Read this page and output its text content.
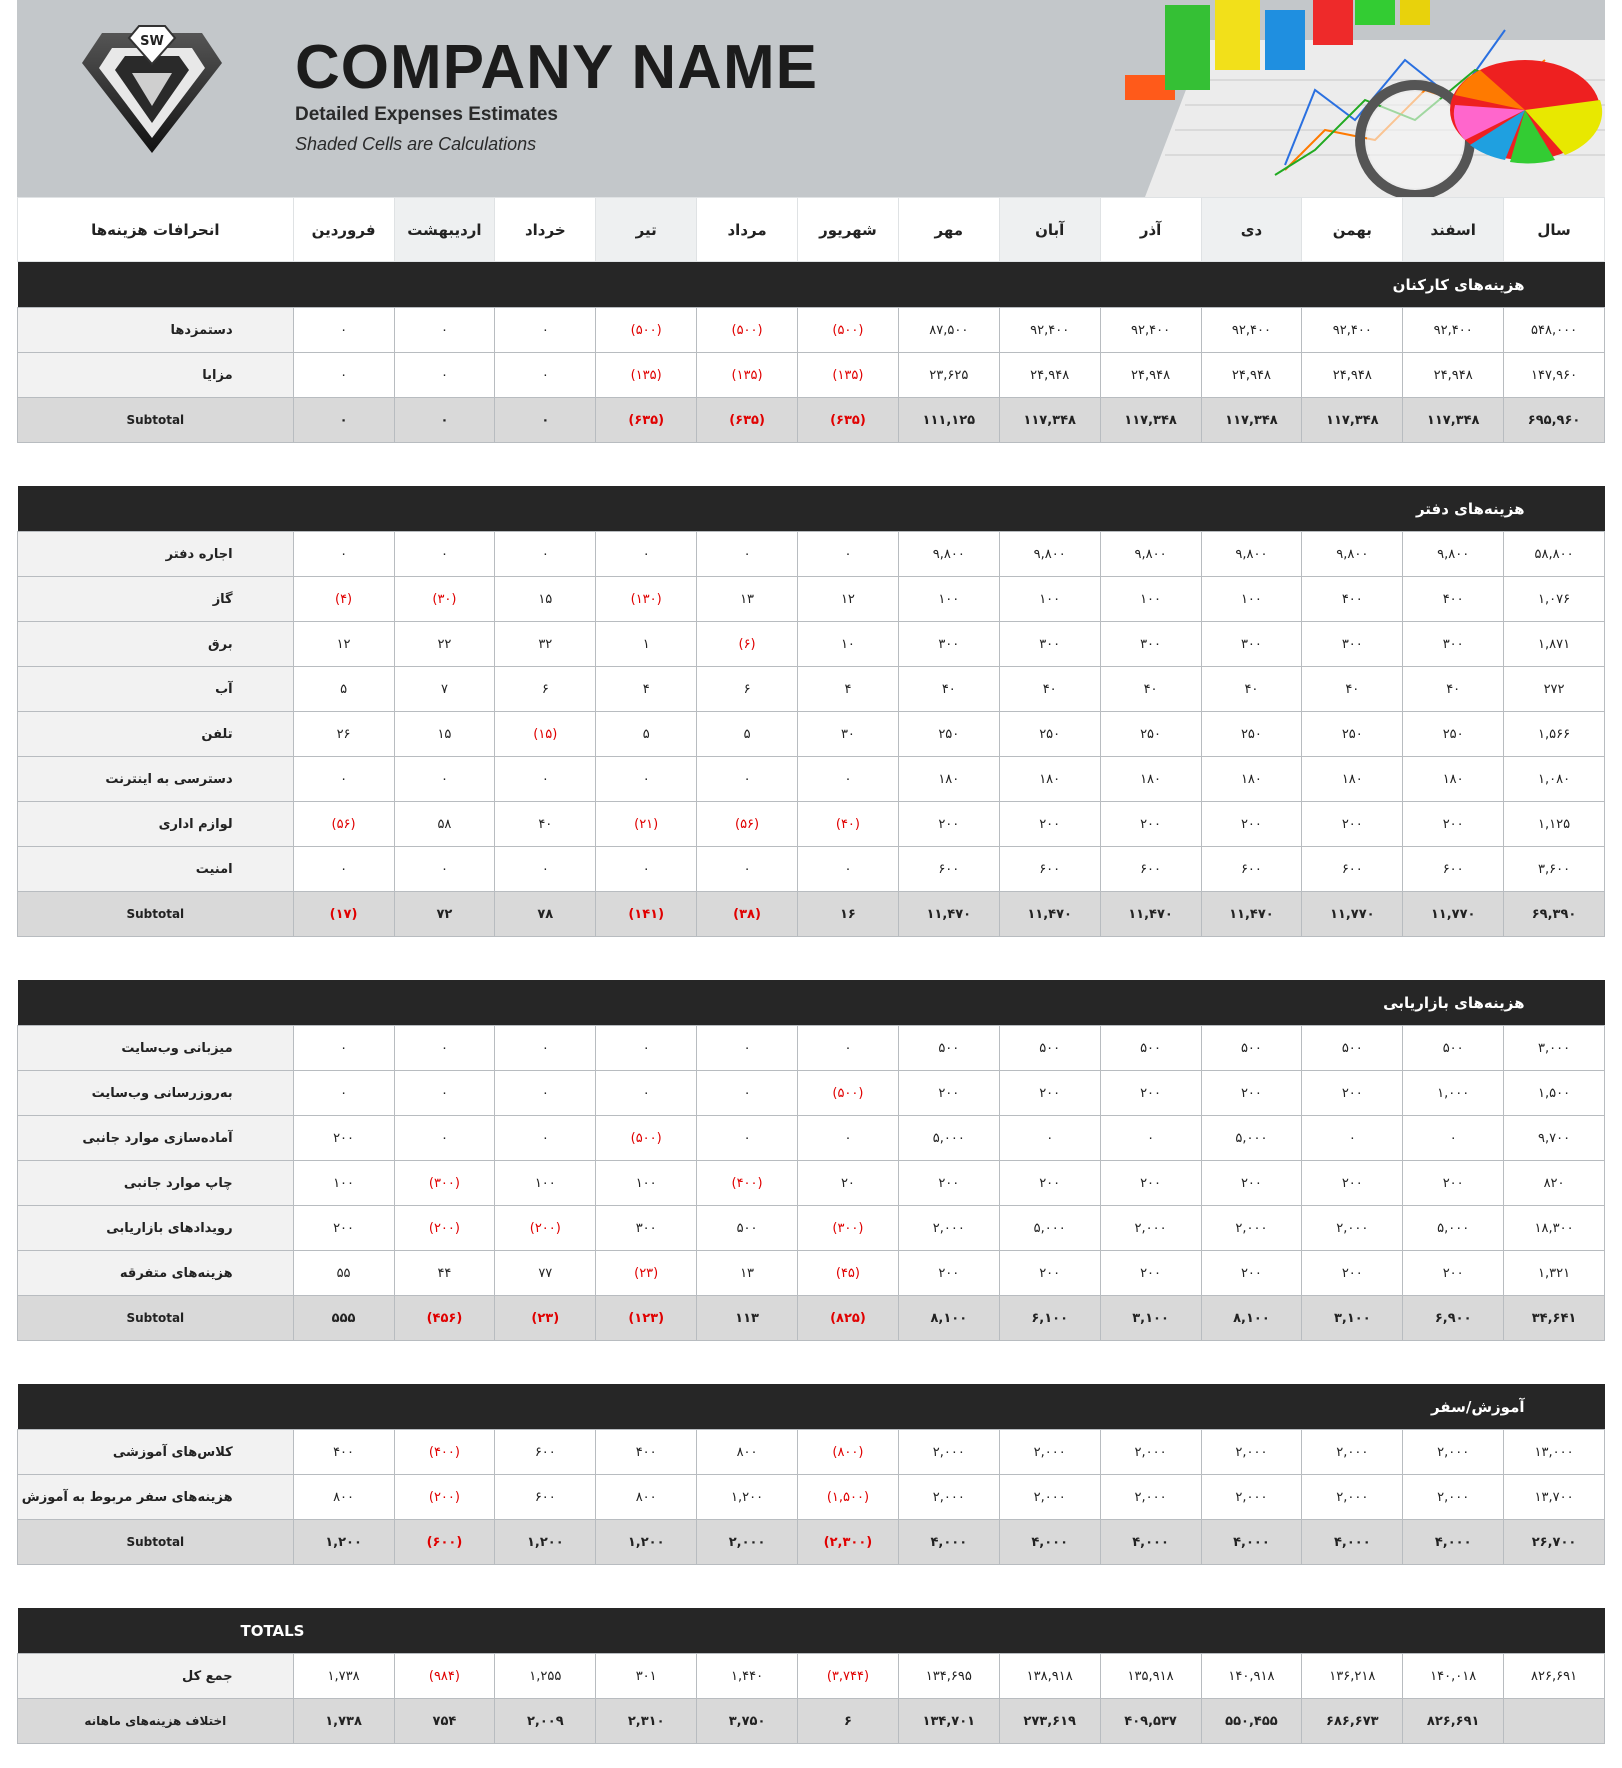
SW COMPANY NAME
Detailed Expenses Estimates
Shaded Cells are Calculations
سال	اسفند	بهمن	دی	آذر	آبان	مهر	شهریور	مرداد	تیر	خرداد	اردیبهشت	فروردین	انحرافات هزینه‌ها
هزینه‌های کارکنان													
۵۴۸,۰۰۰	۹۲,۴۰۰	۹۲,۴۰۰	۹۲,۴۰۰	۹۲,۴۰۰	۹۲,۴۰۰	۸۷,۵۰۰	(۵۰۰)	(۵۰۰)	(۵۰۰)	۰	۰	۰	دستمزدها
۱۴۷,۹۶۰	۲۴,۹۴۸	۲۴,۹۴۸	۲۴,۹۴۸	۲۴,۹۴۸	۲۴,۹۴۸	۲۳,۶۲۵	(۱۳۵)	(۱۳۵)	(۱۳۵)	۰	۰	۰	مزایا
۶۹۵,۹۶۰	۱۱۷,۳۴۸	۱۱۷,۳۴۸	۱۱۷,۳۴۸	۱۱۷,۳۴۸	۱۱۷,۳۴۸	۱۱۱,۱۲۵	(۶۳۵)	(۶۳۵)	(۶۳۵)	۰	۰	۰	Subtotal

هزینه‌های دفتر													
۵۸,۸۰۰	۹,۸۰۰	۹,۸۰۰	۹,۸۰۰	۹,۸۰۰	۹,۸۰۰	۹,۸۰۰	۰	۰	۰	۰	۰	۰	اجاره دفتر
۱,۰۷۶	۴۰۰	۴۰۰	۱۰۰	۱۰۰	۱۰۰	۱۰۰	۱۲	۱۳	(۱۳۰)	۱۵	(۳۰)	(۴)	گاز
۱,۸۷۱	۳۰۰	۳۰۰	۳۰۰	۳۰۰	۳۰۰	۳۰۰	۱۰	(۶)	۱	۳۲	۲۲	۱۲	برق
۲۷۲	۴۰	۴۰	۴۰	۴۰	۴۰	۴۰	۴	۶	۴	۶	۷	۵	آب
۱,۵۶۶	۲۵۰	۲۵۰	۲۵۰	۲۵۰	۲۵۰	۲۵۰	۳۰	۵	۵	(۱۵)	۱۵	۲۶	تلفن
۱,۰۸۰	۱۸۰	۱۸۰	۱۸۰	۱۸۰	۱۸۰	۱۸۰	۰	۰	۰	۰	۰	۰	دسترسی به اینترنت
۱,۱۲۵	۲۰۰	۲۰۰	۲۰۰	۲۰۰	۲۰۰	۲۰۰	(۴۰)	(۵۶)	(۲۱)	۴۰	۵۸	(۵۶)	لوازم اداری
۳,۶۰۰	۶۰۰	۶۰۰	۶۰۰	۶۰۰	۶۰۰	۶۰۰	۰	۰	۰	۰	۰	۰	امنیت
۶۹,۳۹۰	۱۱,۷۷۰	۱۱,۷۷۰	۱۱,۴۷۰	۱۱,۴۷۰	۱۱,۴۷۰	۱۱,۴۷۰	۱۶	(۳۸)	(۱۴۱)	۷۸	۷۲	(۱۷)	Subtotal

هزینه‌های بازاریابی													
۳,۰۰۰	۵۰۰	۵۰۰	۵۰۰	۵۰۰	۵۰۰	۵۰۰	۰	۰	۰	۰	۰	۰	میزبانی وب‌سایت
۱,۵۰۰	۱,۰۰۰	۲۰۰	۲۰۰	۲۰۰	۲۰۰	۲۰۰	(۵۰۰)	۰	۰	۰	۰	۰	به‌روزرسانی وب‌سایت
۹,۷۰۰	۰	۰	۵,۰۰۰	۰	۰	۵,۰۰۰	۰	۰	(۵۰۰)	۰	۰	۲۰۰	آماده‌سازی موارد جانبی
۸۲۰	۲۰۰	۲۰۰	۲۰۰	۲۰۰	۲۰۰	۲۰۰	۲۰	(۴۰۰)	۱۰۰	۱۰۰	(۳۰۰)	۱۰۰	چاپ موارد جانبی
۱۸,۳۰۰	۵,۰۰۰	۲,۰۰۰	۲,۰۰۰	۲,۰۰۰	۵,۰۰۰	۲,۰۰۰	(۳۰۰)	۵۰۰	۳۰۰	(۲۰۰)	(۲۰۰)	۲۰۰	رویدادهای بازاریابی
۱,۳۲۱	۲۰۰	۲۰۰	۲۰۰	۲۰۰	۲۰۰	۲۰۰	(۴۵)	۱۳	(۲۳)	۷۷	۴۴	۵۵	هزینه‌های متفرقه
۳۴,۶۴۱	۶,۹۰۰	۳,۱۰۰	۸,۱۰۰	۳,۱۰۰	۶,۱۰۰	۸,۱۰۰	(۸۲۵)	۱۱۳	(۱۲۳)	(۲۳)	(۴۵۶)	۵۵۵	Subtotal

آموزش/سفر													
۱۳,۰۰۰	۲,۰۰۰	۲,۰۰۰	۲,۰۰۰	۲,۰۰۰	۲,۰۰۰	۲,۰۰۰	(۸۰۰)	۸۰۰	۴۰۰	۶۰۰	(۴۰۰)	۴۰۰	کلاس‌های آموزشی
۱۳,۷۰۰	۲,۰۰۰	۲,۰۰۰	۲,۰۰۰	۲,۰۰۰	۲,۰۰۰	۲,۰۰۰	(۱,۵۰۰)	۱,۲۰۰	۸۰۰	۶۰۰	(۲۰۰)	۸۰۰	هزینه‌های سفر مربوط به آموزش
۲۶,۷۰۰	۴,۰۰۰	۴,۰۰۰	۴,۰۰۰	۴,۰۰۰	۴,۰۰۰	۴,۰۰۰	(۲,۳۰۰)	۲,۰۰۰	۱,۲۰۰	۱,۲۰۰	(۶۰۰)	۱,۲۰۰	Subtotal

TOTALS													
۸۲۶,۶۹۱	۱۴۰,۰۱۸	۱۳۶,۲۱۸	۱۴۰,۹۱۸	۱۳۵,۹۱۸	۱۳۸,۹۱۸	۱۳۴,۶۹۵	(۳,۷۴۴)	۱,۴۴۰	۳۰۱	۱,۲۵۵	(۹۸۴)	۱,۷۳۸	جمع کل
	۸۲۶,۶۹۱	۶۸۶,۶۷۳	۵۵۰,۴۵۵	۴۰۹,۵۳۷	۲۷۳,۶۱۹	۱۳۴,۷۰۱	۶	۳,۷۵۰	۲,۳۱۰	۲,۰۰۹	۷۵۴	۱,۷۳۸	اختلاف هزینه‌های ماهانه
